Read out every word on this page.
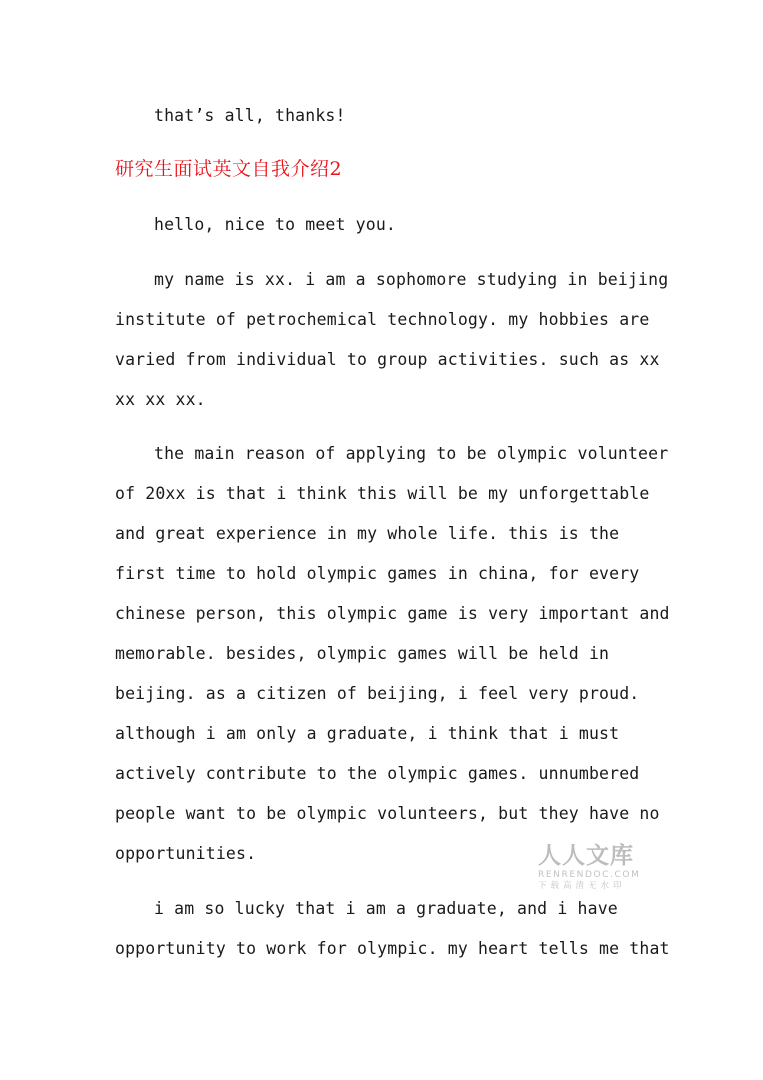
that’s all, thanks!
研究生面试英文自我介绍2
hello, nice to meet you.
my name is xx. i am a sophomore studying in beijing
institute of petrochemical technology. my hobbies are
varied from individual to group activities. such as xx
xx xx xx.
the main reason of applying to be olympic volunteer
of 20xx is that i think this will be my unforgettable
and great experience in my whole life. this is the
first time to hold olympic games in china, for every
chinese person, this olympic game is very important and
memorable. besides, olympic games will be held in
beijing. as a citizen of beijing, i feel very proud.
although i am only a graduate, i think that i must
actively contribute to the olympic games. unnumbered
people want to be olympic volunteers, but they have no
opportunities.
i am so lucky that i am a graduate, and i have
opportunity to work for olympic. my heart tells me that
人人文库
RENRENDOC.COM
下载高清无水印
